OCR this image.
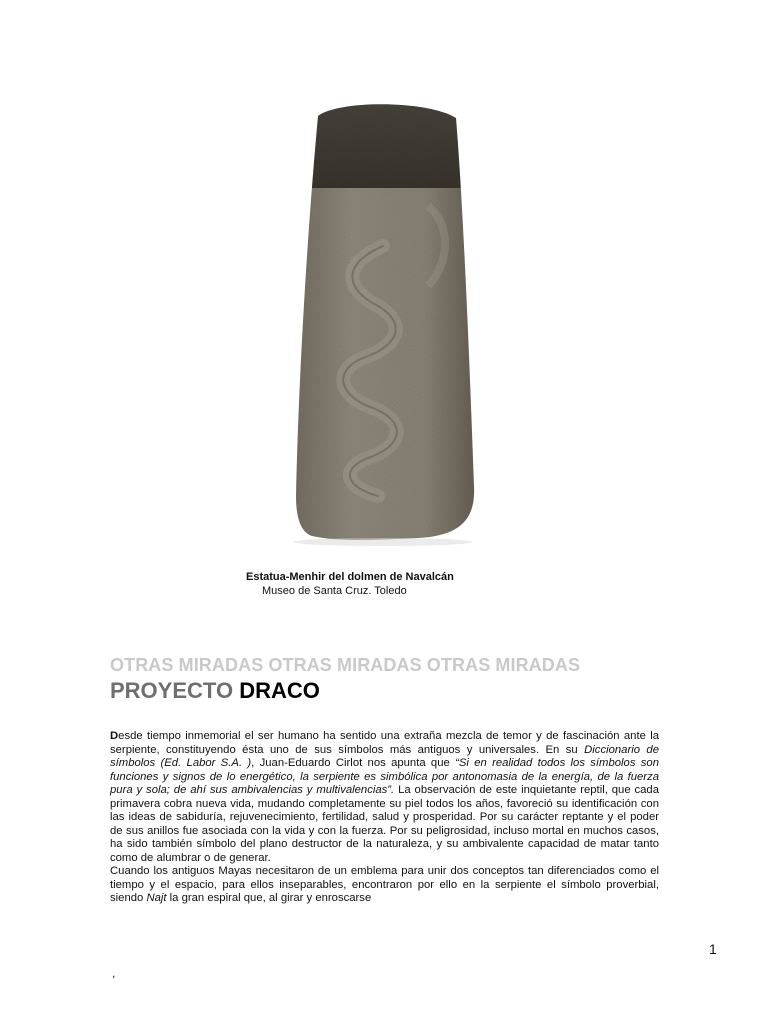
Estatua-Menhir del dolmen de Navalcán
Museo de Santa Cruz. Toledo
OTRAS MIRADAS OTRAS MIRADAS OTRAS MIRADAS
PROYECTO DRACO

Desde tiempo inmemorial el ser humano ha sentido una extraña mezcla de temor y de fascinación ante la serpiente, constituyendo ésta uno de sus símbolos más antiguos y universales. En su Diccionario de símbolos (Ed. Labor S.A. ), Juan-Eduardo Cirlot nos apunta que “Si en realidad todos los símbolos son funciones y signos de lo energético, la serpiente es simbólica por antonomasia de la energía, de la fuerza pura y sola; de ahí sus ambivalencias y multivalencias”. La observación de este inquietante reptil, que cada primavera cobra nueva vida, mudando completamente su piel todos los años, favoreció su identificación con las ideas de sabiduría, rejuvenecimiento, fertilidad, salud y prosperidad. Por su carácter reptante y el poder de sus anillos fue asociada con la vida y con la fuerza. Por su peligrosidad, incluso mortal en muchos casos, ha sido también símbolo del plano destructor de la naturaleza, y su ambivalente capacidad de matar tanto como de alumbrar o de generar.

Cuando los antiguos Mayas necesitaron de un emblema para unir dos conceptos tan diferenciados como el tiempo y el espacio, para ellos inseparables, encontraron por ello en la serpiente el símbolo proverbial, siendo Najt la gran espiral que, al girar y enroscarse

1
,
